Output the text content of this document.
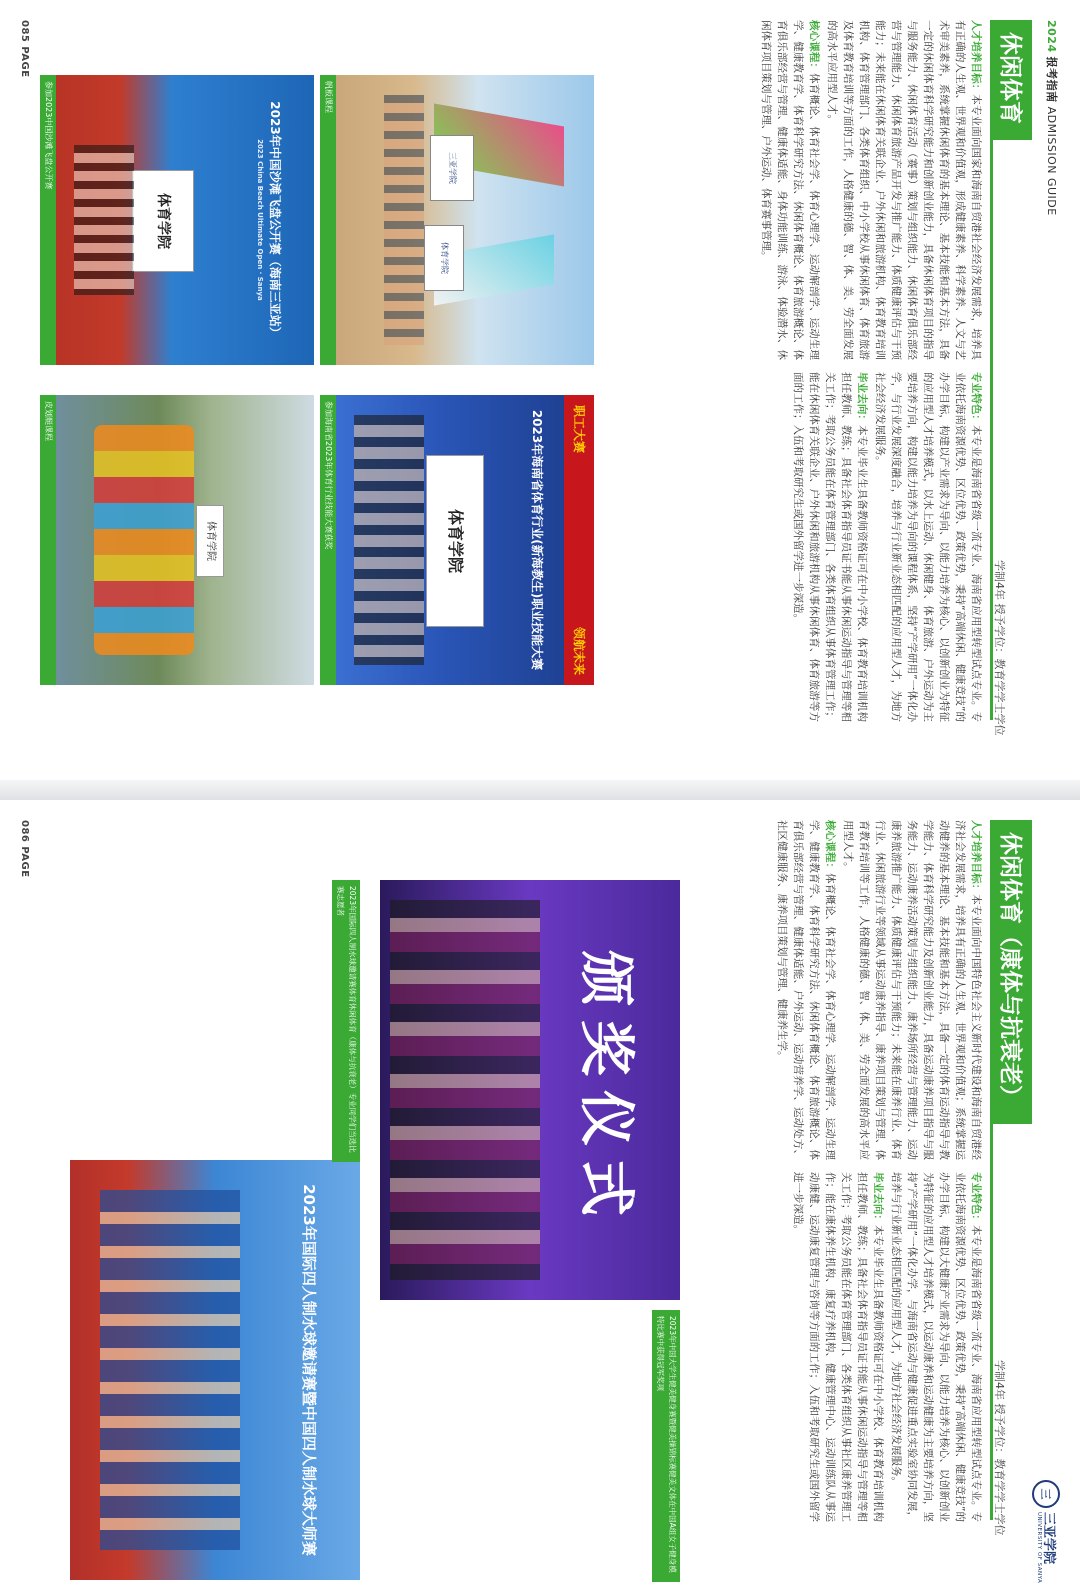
2024 报考指南 ADMISSION GUIDE
休闲体育
学制4年 授予学位：教育学学士学位

人才培养目标：本专业面向国家和海南自贸港社会经济发展需求，培养具有正确的人生观、世界观和价值观，形成健康素养、科学素养、人文与艺术审美素养，系统掌握休闲体育的基本理论、基本技能和基本方法，具备一定的休闲体育科学研究能力和创新创业能力，具备休闲体育项目的指导与服务能力、休闲体育活动（赛事）策划与组织能力、休闲体育俱乐部经营与管理能力、休闲体育旅游产品开发与推广能力、体质健康评估与干预能力；未来能在休闲体育关联企业、户外休闲和旅游机构、体育教育培训机构、体育管理部门、各类体育组织、中小学校从事休闲体育、体育旅游及体育教育培训等方面的工作，人格健康的德、智、体、美、劳全面发展的高水平应用型人才。

核心课程：体育概论、体育社会学、体育心理学、运动解剖学、运动生理学、健康教育学、体育科学研究方法、休闲体育概论、体育旅游概论、体育俱乐部经营与管理、健康体适能、身体功能训练、游泳、体验潜水、休闲体育项目策划与管理、户外运动、体育赛事管理。

专业特色：本专业是海南省省级一流专业、海南省应用型转型试点专业。专业依托海南资源优势、区位优势、政策优势，秉持“高端休闲、健康竞技”的办学目标，构建以产业需求为导向、以能力培养为核心、以创新创业为特征的应用型人才培养模式，以水上运动、休闲健身、体育旅游、户外运动为主要培养方向，构建以能力培养为导向的课程体系，坚持“产学研用”一体化办学，与行业发展深度融合，培养与行业新业态相匹配的应用型人才，为地方社会经济发展服务。

毕业去向：本专业毕业生具备教师资格证可在中小学校、体育教育培训机构担任教师、教练；具备社会体育指导员证书能从事休闲运动指导与管理等相关工作；考取公务员能在体育管理部门、各类体育组织从事体育管理工作；能在休闲体育关联企业、户外休闲和旅游机构从事休闲体育、体育旅游等方面的工作；入伍和考取研究生或国外留学进一步深造。

三亚学院
体育学院
帆板课程
职工大赛
领航未来
2023年海南省体育行业(新海教生)职业技能大赛
体育学院
参加海南省2023年体育行业技能大赛获奖
2023年中国沙滩飞盘公开赛（海南三亚站）
2023 China Beach Ultimate Open · Sanya
体育学院
参加2023中国沙滩飞盘公开赛
体育学院
皮划艇课程
085 PAGE
休闲体育（康体与抗衰老）
学制4年 授予学位：教育学学士学位	三
三亚学院
UNIVERSITY OF SANYA

人才培养目标：本专业面向中国特色社会主义新时代建设和海南自贸港经济社会发展需求，培养具有正确的人生观、世界观和价值观；系统掌握运动健养的基本理论、基本技能和基本方法，具备一定的体育运动指导与教学能力、体育科学研究能力及创新创业能力，具备运动康养项目指导与服务能力、运动康养活动策划与组织能力、康养场所经营与管理能力、运动康养旅游推广能力、体质健康评估与干预能力；未来能在康养行业、体育行业、休闲旅游行业等领域从事运动康养指导、康养项目策划与管理、体育教育培训等工作，人格健康的德、智、体、美、劳全面发展的高水平应用型人才。

核心课程：体育概论、体育社会学、体育心理学、运动解剖学、运动生理学、健康教育学、体育科学研究方法、休闲体育概论、体育旅游概论、体育俱乐部经营与管理、健康体适能、户外运动、运动营养学、运动处方、社区健康服务、康养项目策划与管理、健康养生学。

专业特色：本专业是海南省省级一流专业、海南省应用型转型试点专业。专业依托海南资源优势、区位优势、政策优势，秉持“高端休闲、健康竞技”的办学目标，构建以大健康产业需求为导向、以能力培养为核心、以创新创业为特征的应用型人才培养模式，以运动康养和运动健康为主要培养方向，坚持“产学研用”一体化办学，与海南省运动与健康促进重点实验室协同发展，培养与行业新业态相匹配的应用型人才，为地方社会经济发展服务。

毕业去向：本专业毕业生具备教师资格证可在中小学校、体育教育培训机构担任教师、教练；具备社会体育指导员证书能从事休闲运动指导与管理等相关工作；考取公务员能在体育管理部门、各类体育组织从事社区康养管理工作；能在康体养生机构、康复疗养机构、健康管理中心、运动训练队从事运动康健、运动康复管理与咨询等方面的工作；入伍和考取研究生或国外留学进一步深造。

颁奖仪式
2023年中国大学生健美健身赛暨健美操锦标赛健美文体在中国A组女子健身模特比赛中获得冠军奖项
2023年国际四人制水球邀请赛暨中国四人制水球大师赛
2023年国际四人制水球邀请赛体育休闲体育（康体与抗衰老）专业同学们当选比赛志愿者
086 PAGE
